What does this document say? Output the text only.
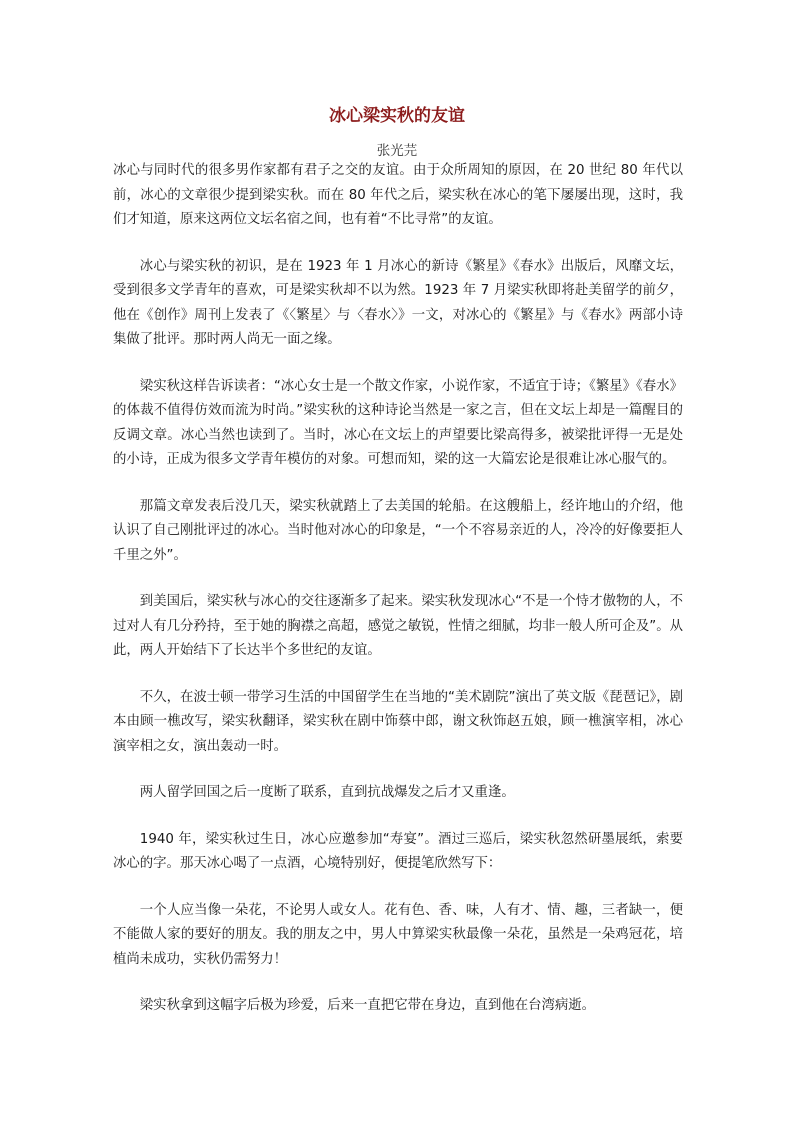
冰心梁实秋的友谊
张光芫

冰心与同时代的很多男作家都有君子之交的友谊。由于众所周知的原因，在 20 世纪 80 年代以前，冰心的文章很少提到梁实秋。而在 80 年代之后，梁实秋在冰心的笔下屡屡出现，这时，我们才知道，原来这两位文坛名宿之间，也有着“不比寻常”的友谊。

冰心与梁实秋的初识，是在 1923 年 1 月冰心的新诗《繁星》《春水》出版后，风靡文坛，受到很多文学青年的喜欢，可是梁实秋却不以为然。1923 年 7 月梁实秋即将赴美留学的前夕，他在《创作》周刊上发表了《〈繁星〉与〈春水〉》一文，对冰心的《繁星》与《春水》两部小诗集做了批评。那时两人尚无一面之缘。

梁实秋这样告诉读者：“冰心女士是一个散文作家，小说作家，不适宜于诗；《繁星》《春水》的体裁不值得仿效而流为时尚。”梁实秋的这种诗论当然是一家之言，但在文坛上却是一篇醒目的反调文章。冰心当然也读到了。当时，冰心在文坛上的声望要比梁高得多，被梁批评得一无是处的小诗，正成为很多文学青年模仿的对象。可想而知，梁的这一大篇宏论是很难让冰心服气的。

那篇文章发表后没几天，梁实秋就踏上了去美国的轮船。在这艘船上，经许地山的介绍，他认识了自己刚批评过的冰心。当时他对冰心的印象是，“一个不容易亲近的人，冷冷的好像要拒人千里之外”。

到美国后，梁实秋与冰心的交往逐渐多了起来。梁实秋发现冰心“不是一个恃才傲物的人，不过对人有几分矜持，至于她的胸襟之高超，感觉之敏锐，性情之细腻，均非一般人所可企及”。从此，两人开始结下了长达半个多世纪的友谊。

不久，在波士顿一带学习生活的中国留学生在当地的“美术剧院”演出了英文版《琵琶记》，剧本由顾一樵改写，梁实秋翻译，梁实秋在剧中饰蔡中郎，谢文秋饰赵五娘，顾一樵演宰相，冰心演宰相之女，演出轰动一时。

两人留学回国之后一度断了联系，直到抗战爆发之后才又重逢。

1940 年，梁实秋过生日，冰心应邀参加“寿宴”。酒过三巡后，梁实秋忽然研墨展纸，索要冰心的字。那天冰心喝了一点酒，心境特别好，便提笔欣然写下：

一个人应当像一朵花，不论男人或女人。花有色、香、味，人有才、情、趣，三者缺一，便不能做人家的要好的朋友。我的朋友之中，男人中算梁实秋最像一朵花，虽然是一朵鸡冠花，培植尚未成功，实秋仍需努力！

梁实秋拿到这幅字后极为珍爱，后来一直把它带在身边，直到他在台湾病逝。
